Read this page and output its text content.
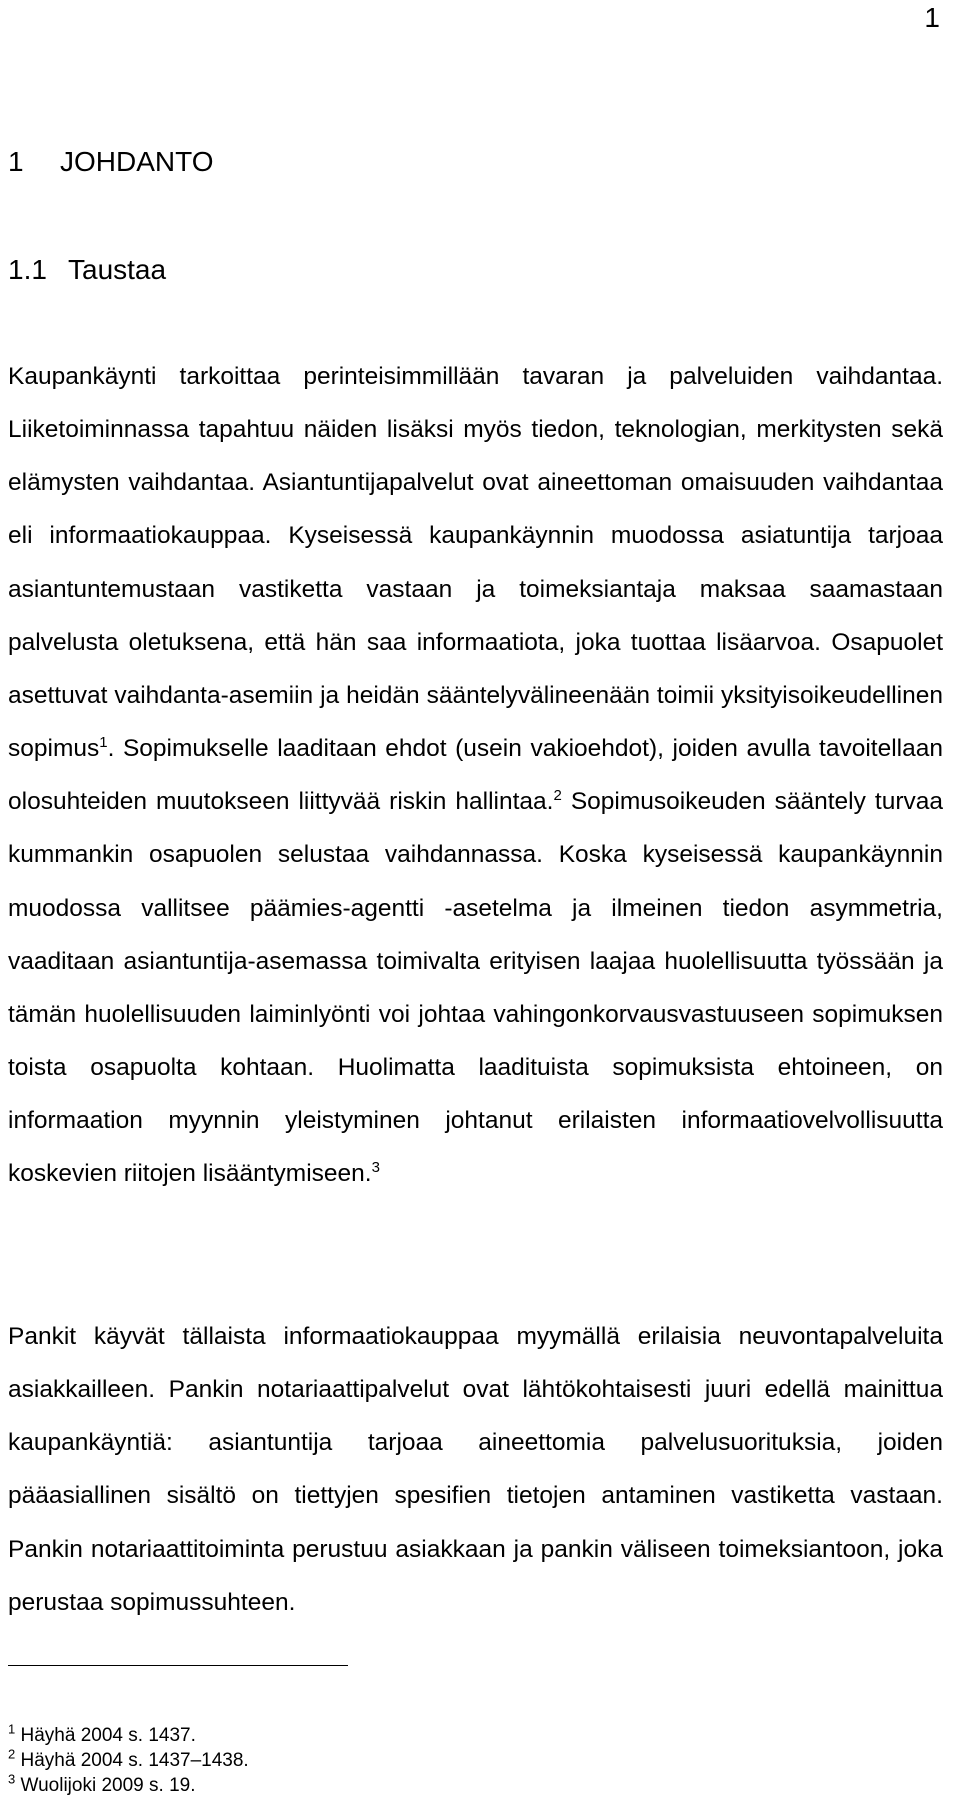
1
1 JOHDANTO
1.1 Taustaa

Kaupankäynti tarkoittaa perinteisimmillään tavaran ja palveluiden vaihdantaa. Liiketoiminnassa tapahtuu näiden lisäksi myös tiedon, teknologian, merkitysten sekä elämysten vaihdantaa. Asiantuntijapalvelut ovat aineettoman omaisuuden vaihdantaa eli informaatiokauppaa. Kyseisessä kaupankäynnin muodossa asiatuntija tarjoaa asiantuntemustaan vastiketta vastaan ja toimeksiantaja maksaa saamastaan palvelusta oletuksena, että hän saa informaatiota, joka tuottaa lisäarvoa. Osapuolet asettuvat vaihdanta-asemiin ja heidän sääntelyvälineenään toimii yksityisoikeudellinen sopimus$^1$. Sopimukselle laaditaan ehdot (usein vakioehdot), joiden avulla tavoitellaan olosuhteiden muutokseen liittyvää riskin hallintaa.$^2$ Sopimusoikeuden sääntely turvaa kummankin osapuolen selustaa vaihdannassa. Koska kyseisessä kaupankäynnin muodossa vallitsee päämies-agentti -asetelma ja ilmeinen tiedon asymmetria, vaaditaan asiantuntija-asemassa toimivalta erityisen laajaa huolellisuutta työssään ja tämän huolellisuuden laiminlyönti voi johtaa vahingonkorvausvastuuseen sopimuksen toista osapuolta kohtaan. Huolimatta laadituista sopimuksista ehtoineen, on informaation myynnin yleistyminen johtanut erilaisten informaatiovelvollisuutta koskevien riitojen lisääntymiseen.$^3$

Pankit käyvät tällaista informaatiokauppaa myymällä erilaisia neuvontapalveluita asiakkailleen. Pankin notariaattipalvelut ovat lähtökohtaisesti juuri edellä mainittua kaupankäyntiä: asiantuntija tarjoaa aineettomia palvelusuorituksia, joiden pääasiallinen sisältö on tiettyjen spesifien tietojen antaminen vastiketta vastaan. Pankin notariaattitoiminta perustuu asiakkaan ja pankin väliseen toimeksiantoon, joka perustaa sopimussuhteen.

$^1$ Häyhä 2004 s. 1437.
$^2$ Häyhä 2004 s. 1437–1438.
$^3$ Wuolijoki 2009 s. 19.
